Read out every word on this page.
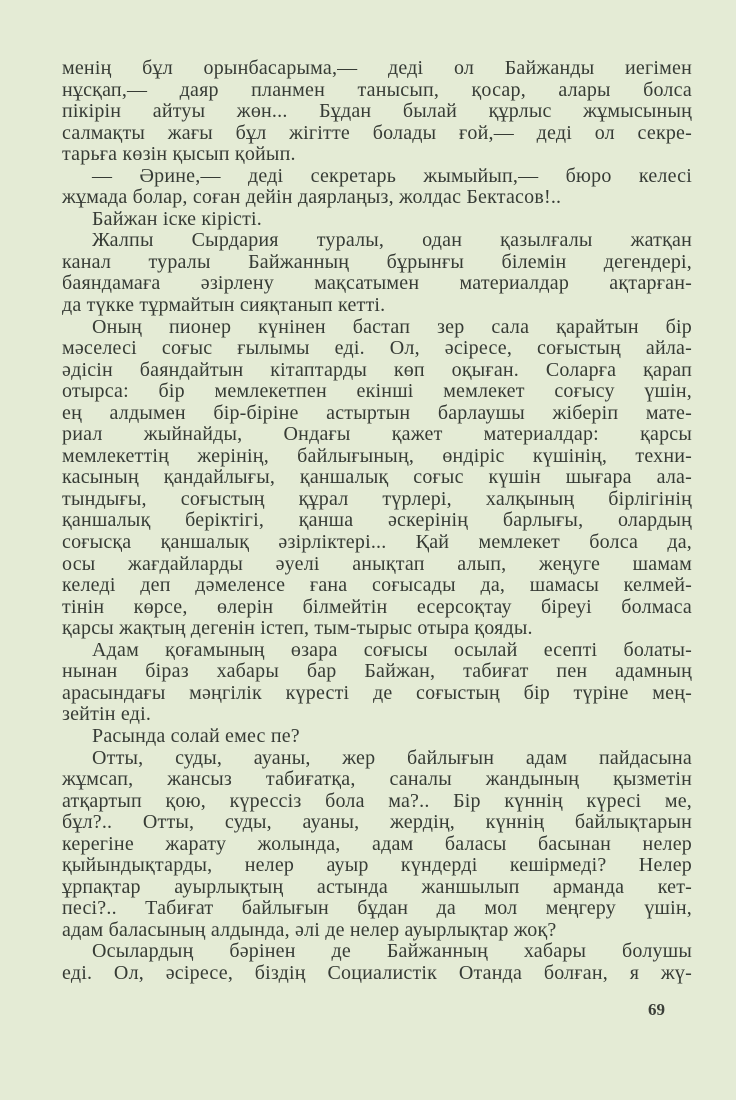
менің бұл орынбасарыма,— деді ол Байжанды иегімен
нұсқап,— даяр планмен танысып, қосар, алары болса
пікірін айтуы жөн... Бұдан былай құрлыс жұмысының
салмақты жағы бұл жігітте болады ғой,— деді ол секре-
тарьға көзін қысып қойып.
— Әрине,— деді секретарь жымыйып,— бюро келесі
жұмада болар, соған дейін даярлаңыз, жолдас Бектасов!..
Байжан іске кірісті.
Жалпы Сырдария туралы, одан қазылғалы жатқан
канал туралы Байжанның бұрынғы білемін дегендері,
баяндамаға әзірлену мақсатымен материалдар ақтарған-
да түкке тұрмайтын сияқтанып кетті.
Оның пионер күнінен бастап зер сала қарайтын бір
мәселесі соғыс ғылымы еді. Ол, әсіресе, соғыстың айла-
әдісін баяндайтын кітаптарды көп оқыған. Соларға қарап
отырса: бір мемлекетпен екінші мемлекет соғысу үшін,
ең алдымен бір-біріне астыртын барлаушы жіберіп мате-
риал жыйнайды, Ондағы қажет материалдар: қарсы
мемлекеттің жерінің, байлығының, өндіріс күшінің, техни-
касының қандайлығы, қаншалық соғыс күшін шығара ала-
тындығы, соғыстың құрал түрлері, халқының бірлігінің
қаншалық беріктігі, қанша әскерінің барлығы, олардың
соғысқа қаншалық әзірліктері... Қай мемлекет болса да,
осы жағдайларды әуелі анықтап алып, жеңуге шамам
келеді деп дәмеленсе ғана соғысады да, шамасы келмей-
тінін көрсе, өлерін білмейтін есерсоқтау біреуі болмаса
қарсы жақтың дегенін істеп, тым-тырыс отыра қояды.
Адам қоғамының өзара соғысы осылай есепті болаты-
нынан біраз хабары бар Байжан, табиғат пен адамның
арасындағы мәңгілік күресті де соғыстың бір түріне мең-
зейтін еді.
Расында солай емес пе?
Отты, суды, ауаны, жер байлығын адам пайдасына
жұмсап, жансыз табиғатқа, саналы жандының қызметін
атқартып қою, күрессіз бола ма?.. Бір күннің күресі ме,
бұл?.. Отты, суды, ауаны, жердің, күннің байлықтарын
керегіне жарату жолында, адам баласы басынан нелер
қыйындықтарды, нелер ауыр күндерді кешірмеді? Нелер
ұрпақтар ауырлықтың астында жаншылып арманда кет-
песі?.. Табиғат байлығын бұдан да мол меңгеру үшін,
адам баласының алдында, әлі де нелер ауырлықтар жоқ?
Осылардың бәрінен де Байжанның хабары болушы
еді. Ол, әсіресе, біздің Социалистік Отанда болған, я жү-
69
